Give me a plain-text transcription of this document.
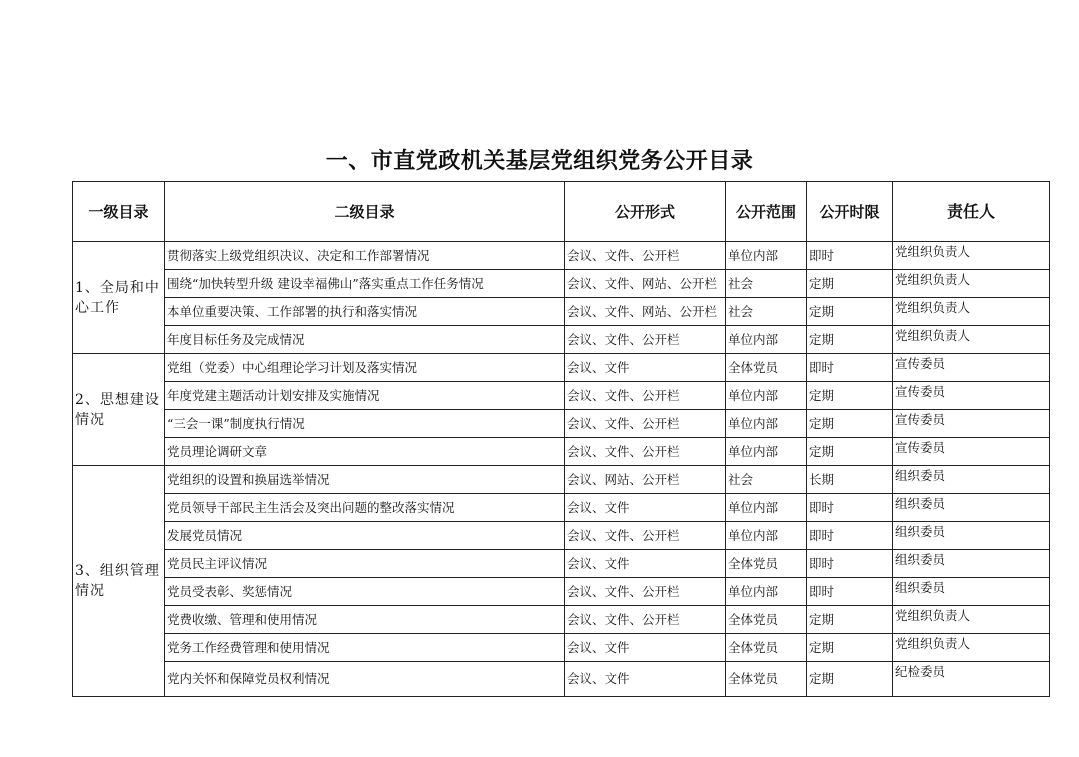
一、市直党政机关基层党组织党务公开目录
一级目录	二级目录	公开形式	公开范围	公开时限	责任人
1、全局和中心工作	贯彻落实上级党组织决议、决定和工作部署情况	会议、文件、公开栏	单位内部	即时	党组织负责人
	围绕“加快转型升级 建设幸福佛山”落实重点工作任务情况	会议、文件、网站、公开栏	社会	定期	党组织负责人
	本单位重要决策、工作部署的执行和落实情况	会议、文件、网站、公开栏	社会	定期	党组织负责人
	年度目标任务及完成情况	会议、文件、公开栏	单位内部	定期	党组织负责人
2、思想建设情况	党组（党委）中心组理论学习计划及落实情况	会议、文件	全体党员	即时	宣传委员
	年度党建主题活动计划安排及实施情况	会议、文件、公开栏	单位内部	定期	宣传委员
	“三会一课”制度执行情况	会议、文件、公开栏	单位内部	定期	宣传委员
	党员理论调研文章	会议、文件、公开栏	单位内部	定期	宣传委员
3、组织管理情况	党组织的设置和换届选举情况	会议、网站、公开栏	社会	长期	组织委员
	党员领导干部民主生活会及突出问题的整改落实情况	会议、文件	单位内部	即时	组织委员
	发展党员情况	会议、文件、公开栏	单位内部	即时	组织委员
	党员民主评议情况	会议、文件	全体党员	即时	组织委员
	党员受表彰、奖惩情况	会议、文件、公开栏	单位内部	即时	组织委员
	党费收缴、管理和使用情况	会议、文件、公开栏	全体党员	定期	党组织负责人
	党务工作经费管理和使用情况	会议、文件	全体党员	定期	党组织负责人
	党内关怀和保障党员权利情况	会议、文件	全体党员	定期	纪检委员
